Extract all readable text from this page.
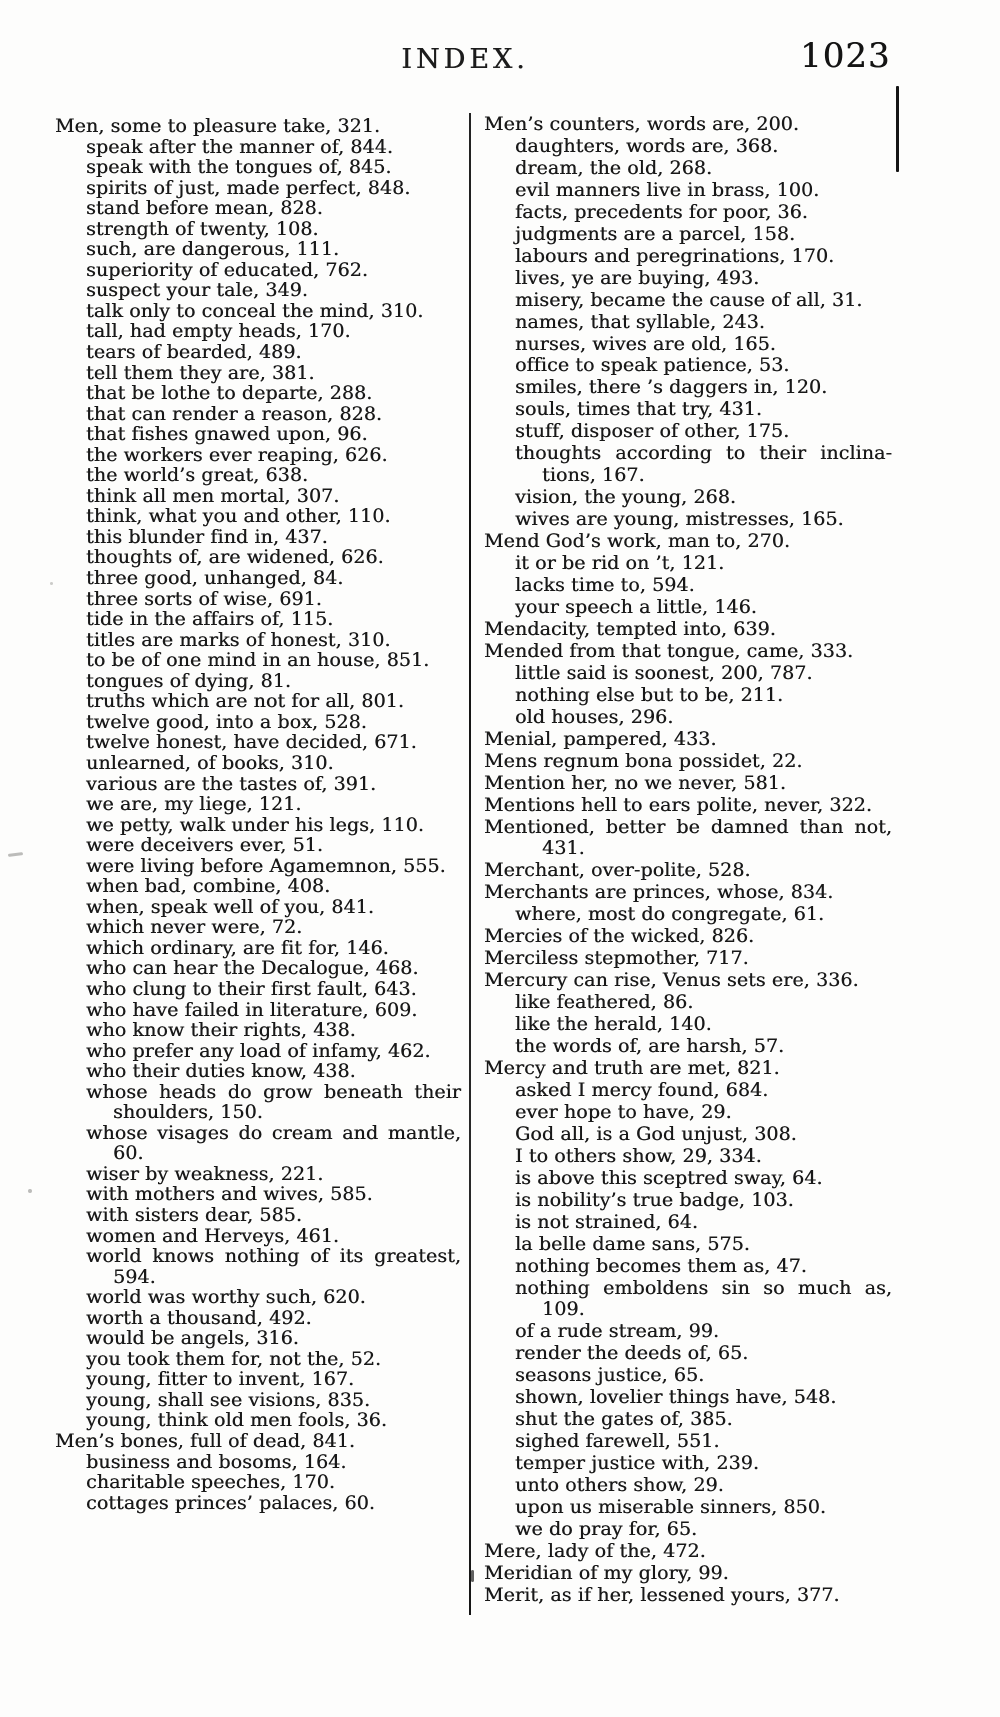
INDEX.	1023
Men, some to pleasure take, 321.
speak after the manner of, 844.
speak with the tongues of, 845.
spirits of just, made perfect, 848.
stand before mean, 828.
strength of twenty, 108.
such, are dangerous, 111.
superiority of educated, 762.
suspect your tale, 349.
talk only to conceal the mind, 310.
tall, had empty heads, 170.
tears of bearded, 489.
tell them they are, 381.
that be lothe to departe, 288.
that can render a reason, 828.
that fishes gnawed upon, 96.
the workers ever reaping, 626.
the world’s great, 638.
think all men mortal, 307.
think, what you and other, 110.
this blunder find in, 437.
thoughts of, are widened, 626.
three good, unhanged, 84.
three sorts of wise, 691.
tide in the affairs of, 115.
titles are marks of honest, 310.
to be of one mind in an house, 851.
tongues of dying, 81.
truths which are not for all, 801.
twelve good, into a box, 528.
twelve honest, have decided, 671.
unlearned, of books, 310.
various are the tastes of, 391.
we are, my liege, 121.
we petty, walk under his legs, 110.
were deceivers ever, 51.
were living before Agamemnon, 555.
when bad, combine, 408.
when, speak well of you, 841.
which never were, 72.
which ordinary, are fit for, 146.
who can hear the Decalogue, 468.
who clung to their first fault, 643.
who have failed in literature, 609.
who know their rights, 438.
who prefer any load of infamy, 462.
who their duties know, 438.
whose heads do grow beneath their
shoulders, 150.
whose visages do cream and mantle,
60.
wiser by weakness, 221.
with mothers and wives, 585.
with sisters dear, 585.
women and Herveys, 461.
world knows nothing of its greatest,
594.
world was worthy such, 620.
worth a thousand, 492.
would be angels, 316.
you took them for, not the, 52.
young, fitter to invent, 167.
young, shall see visions, 835.
young, think old men fools, 36.
Men’s bones, full of dead, 841.
business and bosoms, 164.
charitable speeches, 170.
cottages princes’ palaces, 60.
Men’s counters, words are, 200.
daughters, words are, 368.
dream, the old, 268.
evil manners live in brass, 100.
facts, precedents for poor, 36.
judgments are a parcel, 158.
labours and peregrinations, 170.
lives, ye are buying, 493.
misery, became the cause of all, 31.
names, that syllable, 243.
nurses, wives are old, 165.
office to speak patience, 53.
smiles, there ’s daggers in, 120.
souls, times that try, 431.
stuff, disposer of other, 175.
thoughts according to their inclina-
tions, 167.
vision, the young, 268.
wives are young, mistresses, 165.
Mend God’s work, man to, 270.
it or be rid on ’t, 121.
lacks time to, 594.
your speech a little, 146.
Mendacity, tempted into, 639.
Mended from that tongue, came, 333.
little said is soonest, 200, 787.
nothing else but to be, 211.
old houses, 296.
Menial, pampered, 433.
Mens regnum bona possidet, 22.
Mention her, no we never, 581.
Mentions hell to ears polite, never, 322.
Mentioned, better be damned than not,
431.
Merchant, over-polite, 528.
Merchants are princes, whose, 834.
where, most do congregate, 61.
Mercies of the wicked, 826.
Merciless stepmother, 717.
Mercury can rise, Venus sets ere, 336.
like feathered, 86.
like the herald, 140.
the words of, are harsh, 57.
Mercy and truth are met, 821.
asked I mercy found, 684.
ever hope to have, 29.
God all, is a God unjust, 308.
I to others show, 29, 334.
is above this sceptred sway, 64.
is nobility’s true badge, 103.
is not strained, 64.
la belle dame sans, 575.
nothing becomes them as, 47.
nothing emboldens sin so much as,
109.
of a rude stream, 99.
render the deeds of, 65.
seasons justice, 65.
shown, lovelier things have, 548.
shut the gates of, 385.
sighed farewell, 551.
temper justice with, 239.
unto others show, 29.
upon us miserable sinners, 850.
we do pray for, 65.
Mere, lady of the, 472.
Meridian of my glory, 99.
Merit, as if her, lessened yours, 377.
